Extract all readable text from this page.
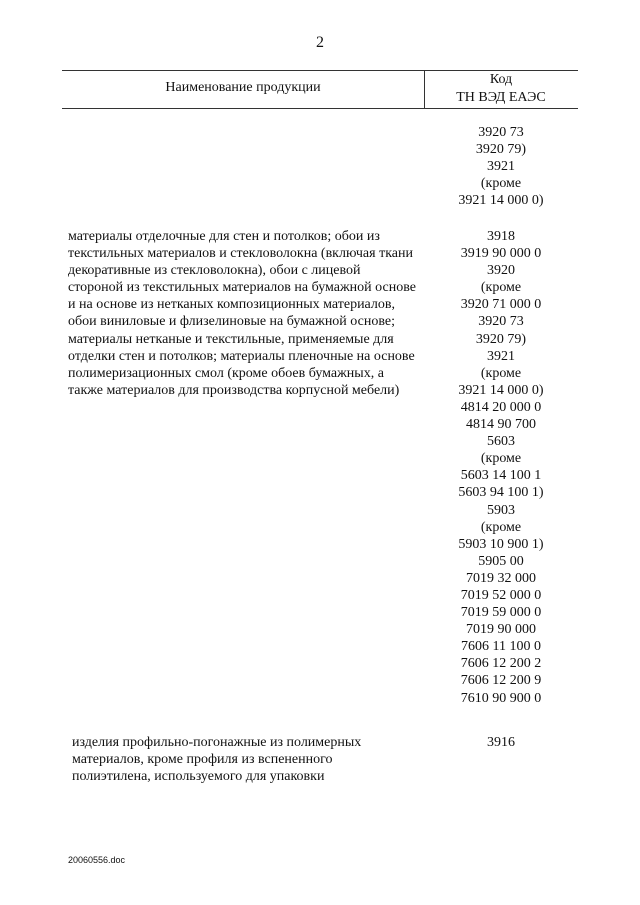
2
Наименование продукции
Код
ТН ВЭД ЕАЭС
3920 73
3920 79)
3921
(кроме
3921 14 000 0)
материалы отделочные для стен и потолков; обои из текстильных материалов и стекловолокна (включая ткани декоративные из стекловолокна), обои с лицевой стороной из текстильных материалов на бумажной основе и на основе из нетканых композиционных материалов, обои виниловые и флизелиновые на бумажной основе; материалы нетканые и текстильные, применяемые для отделки стен и потолков; материалы пленочные на основе полимеризационных смол (кроме обоев бумажных, а также материалов для производства корпусной мебели)
3918
3919 90 000 0
3920
(кроме
3920 71 000 0
3920 73
3920 79)
3921
(кроме
3921 14 000 0)
4814 20 000 0
4814 90 700
5603
(кроме
5603 14 100 1
5603 94 100 1)
5903
(кроме
5903 10 900 1)
5905 00
7019 32 000
7019 52 000 0
7019 59 000 0
7019 90 000
7606 11 100 0
7606 12 200 2
7606 12 200 9
7610 90 900 0
изделия профильно-погонажные из полимерных материалов, кроме профиля из вспененного полиэтилена, используемого для упаковки
3916
20060556.doc
